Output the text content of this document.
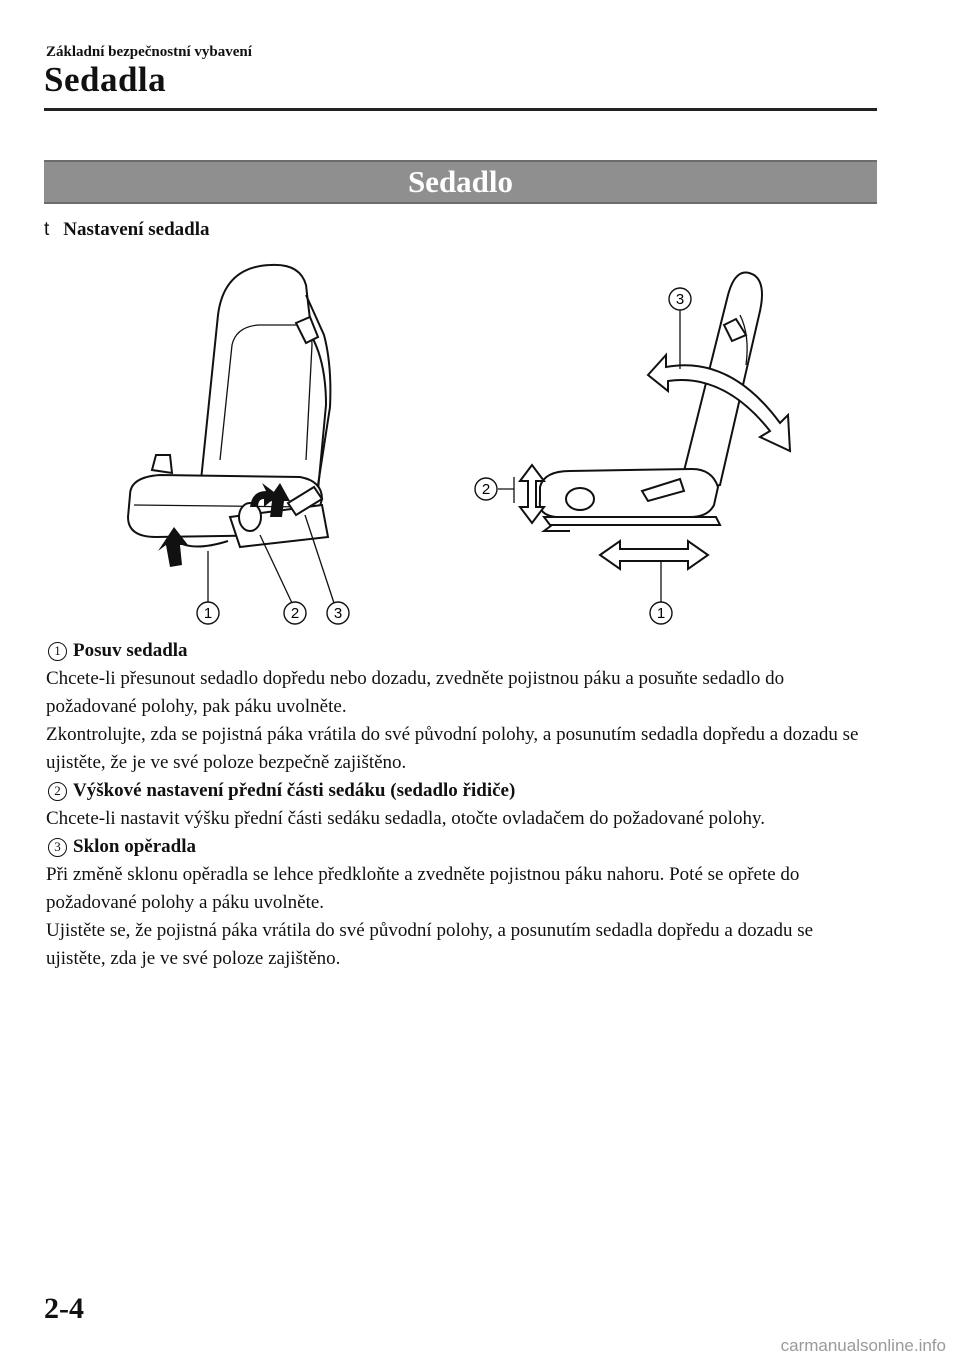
Základní bezpečnostní vybavení
Sedadla
Sedadlo
t Nastavení sedadla
1	2 3
3
2
1
1 Posuv sedadla

Chcete-li přesunout sedadlo dopředu nebo dozadu, zvedněte pojistnou páku a posuňte sedadlo do požadované polohy, pak páku uvolněte.

Zkontrolujte, zda se pojistná páka vrátila do své původní polohy, a posunutím sedadla dopředu a dozadu se ujistěte, že je ve své poloze bezpečně zajištěno.

2 Výškové nastavení přední části sedáku (sedadlo řidiče)

Chcete-li nastavit výšku přední části sedáku sedadla, otočte ovladačem do požadované polohy.

3 Sklon opěradla

Při změně sklonu opěradla se lehce předkloňte a zvedněte pojistnou páku nahoru. Poté se opřete do požadované polohy a páku uvolněte.

Ujistěte se, že pojistná páka vrátila do své původní polohy, a posunutím sedadla dopředu a dozadu se ujistěte, zda je ve své poloze zajištěno.

2-4
carmanualsonline.info
